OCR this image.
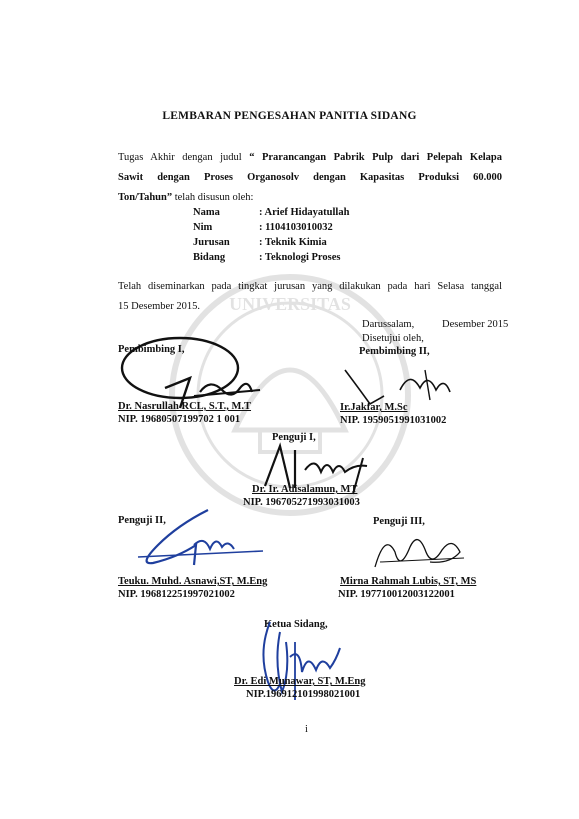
UNIVERSITAS
LEMBARAN PENGESAHAN PANITIA SIDANG
Tugas Akhir dengan judul “ Prarancangan Pabrik Pulp dari Pelepah Kelapa
Sawit dengan Proses Organosolv dengan Kapasitas Produksi 60.000
Ton/Tahun” telah disusun oleh:
Nama	: Arief Hidayatullah
Nim	: 1104103010032
Jurusan	: Teknik Kimia
Bidang	: Teknologi Proses
Telah diseminarkan pada tingkat jurusan yang dilakukan pada hari Selasa tanggal
15 Desember 2015.
Darussalam,	Desember 2015
Disetujui oleh,
Pembimbing I,
Dr. Nasrullah RCL, S.T., M.T
NIP. 19680507199702 1 001
Pembimbing II,
Ir.Jakfar, M.Sc
NIP. 1959051991031002
Penguji I,
Dr. Ir. Adisalamun, MT
NIP. 196705271993031003
Penguji II,
Teuku. Muhd. Asnawi,ST, M.Eng
NIP. 196812251997021002
Penguji III,
Mirna Rahmah Lubis, ST, MS
NIP. 197710012003122001
Ketua Sidang,
Dr. Edi Munawar, ST, M.Eng
NIP.196912101998021001
i
